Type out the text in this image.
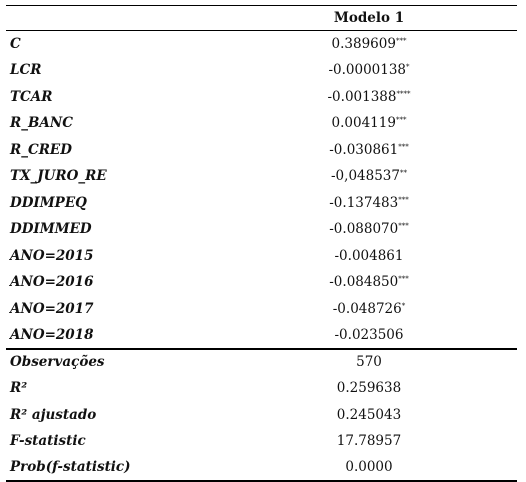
	Modelo 1
C	0.389609***
LCR	-0.0000138*
TCAR	-0.001388****
R_BANC	0.004119***
R_CRED	-0.030861***
TX_JURO_RE	-0,048537**
DDIMPEQ	-0.137483***
DDIMMED	-0.088070***
ANO=2015	-0.004861
ANO=2016	-0.084850***
ANO=2017	-0.048726*
ANO=2018	-0.023506
Observações	570
R²	0.259638
R² ajustado	0.245043
F-statistic	17.78957
Prob(f-statistic)	0.0000
